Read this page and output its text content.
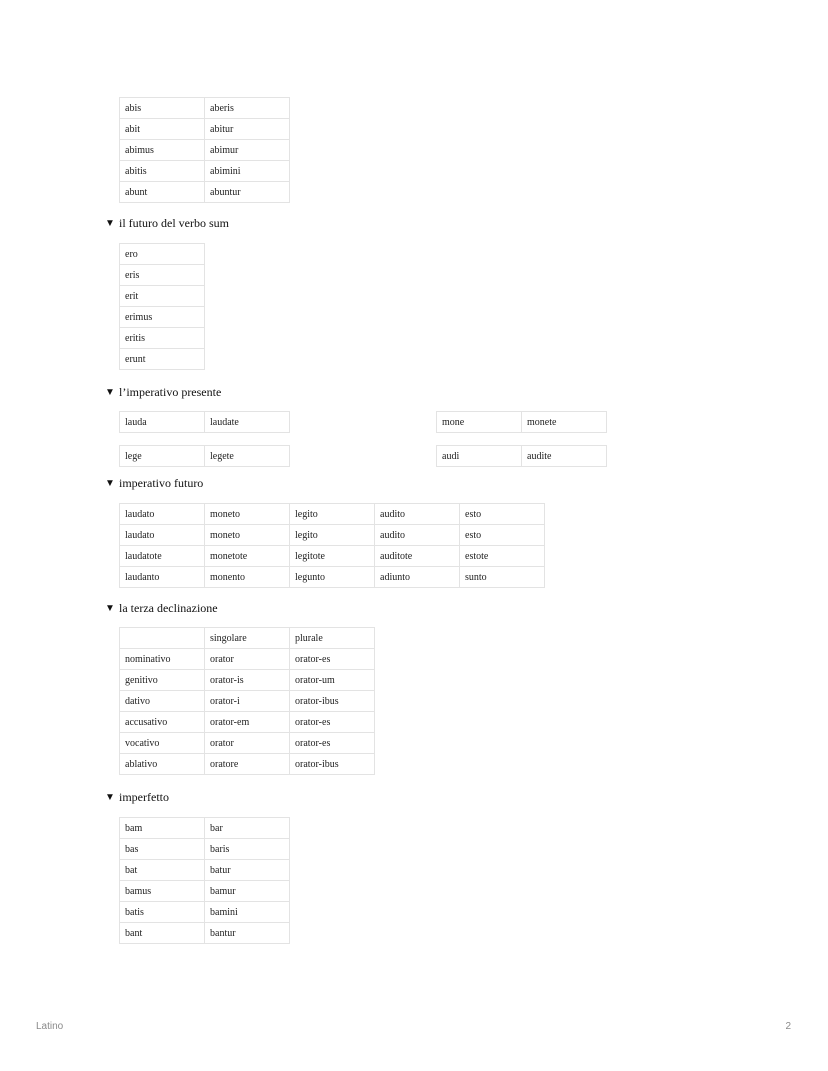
abis	aberis
abit	abitur
abimus	abimur
abitis	abimini
abunt	abuntur
▼ il futuro del verbo sum
ero
eris
erit
erimus
eritis
erunt
▼ l’imperativo presente
lauda	laudate
lege	legete
mone	monete
audi	audite
▼ imperativo futuro
laudato	moneto	legito	audito	esto
laudato	moneto	legito	audito	esto
laudatote	monetote	legitote	auditote	estote
laudanto	monento	legunto	adiunto	sunto
▼ la terza declinazione
	singolare	plurale
nominativo	orator	orator-es
genitivo	orator-is	orator-um
dativo	orator-i	orator-ibus
accusativo	orator-em	orator-es
vocativo	orator	orator-es
ablativo	oratore	orator-ibus
▼ imperfetto
bam	bar
bas	baris
bat	batur
bamus	bamur
batis	bamini
bant	bantur
Latino	2
